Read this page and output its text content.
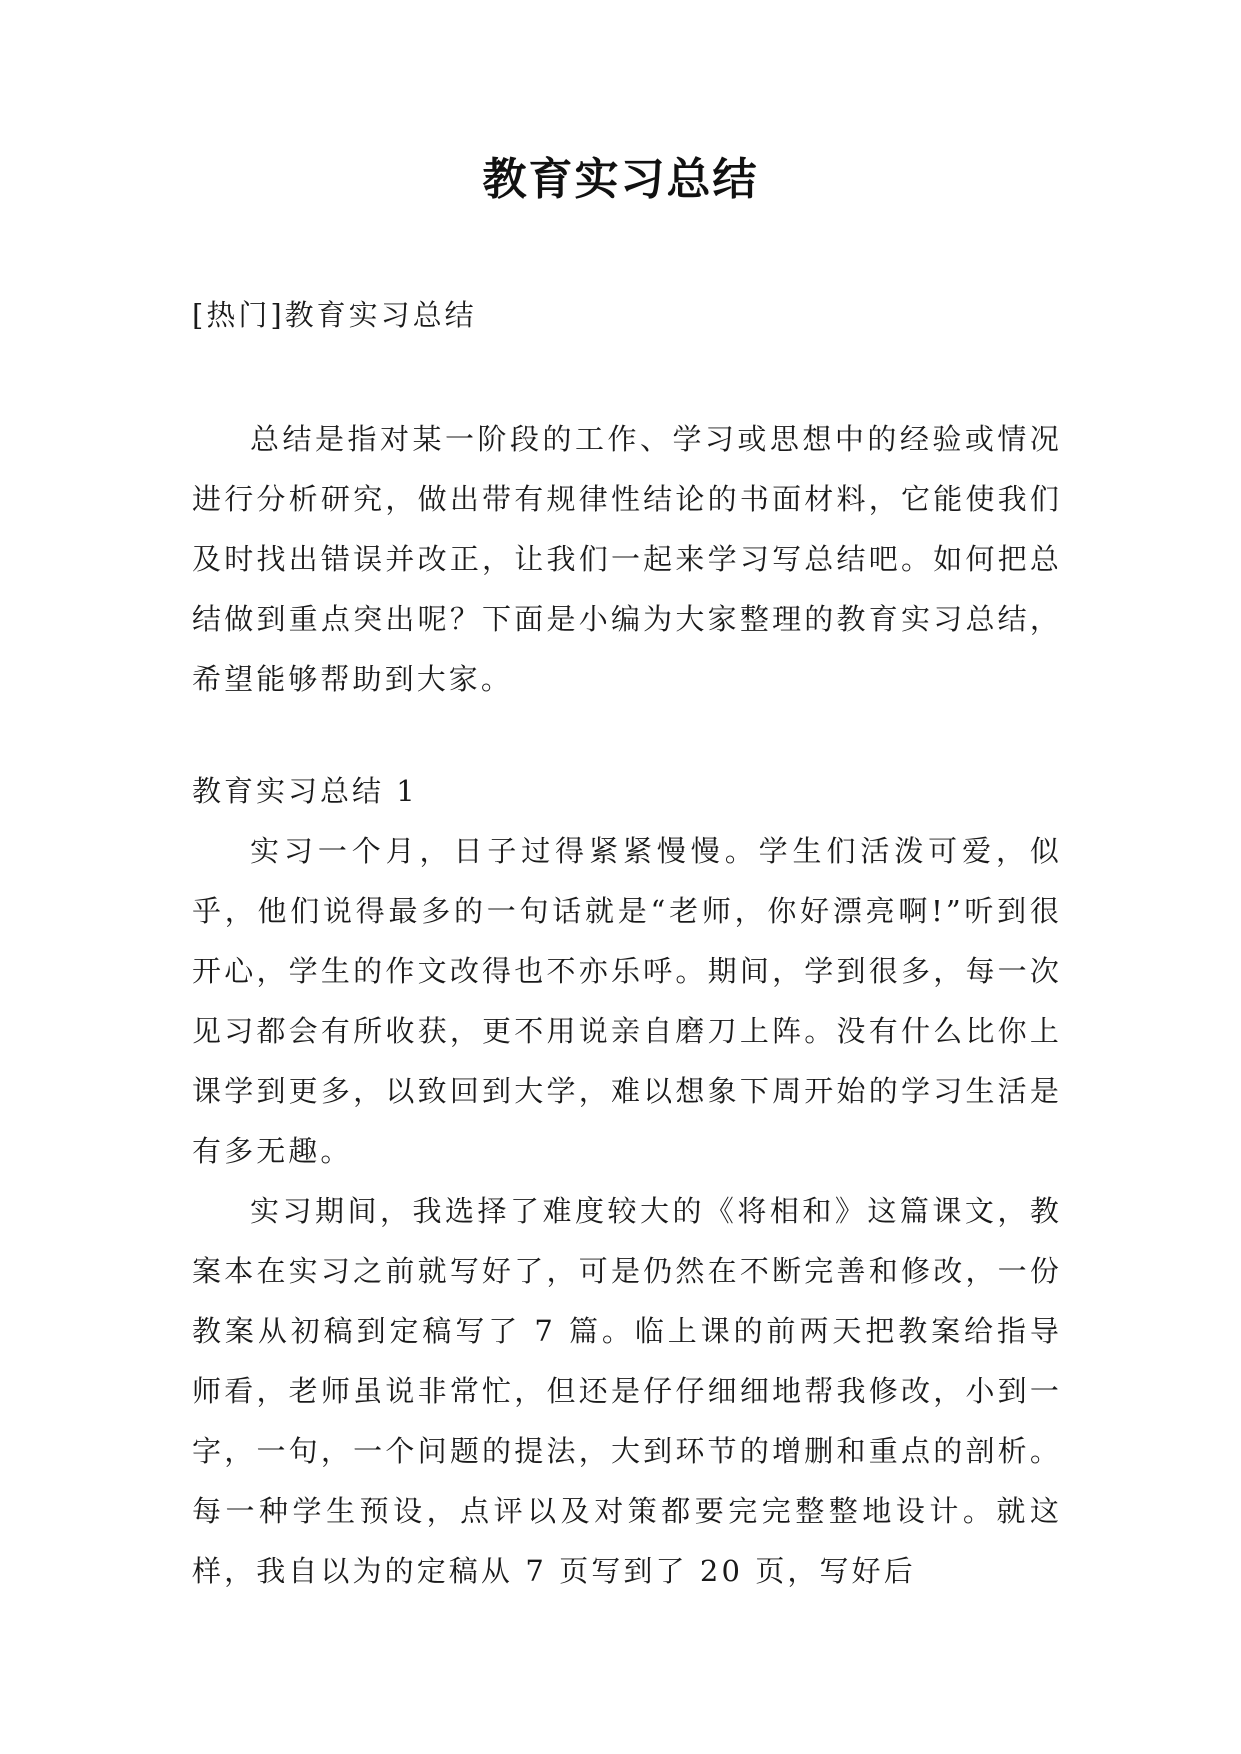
教育实习总结
[热门]教育实习总结

总结是指对某一阶段的工作、学习或思想中的经验或情况进行分析研究，做出带有规律性结论的书面材料，它能使我们及时找出错误并改正，让我们一起来学习写总结吧。如何把总结做到重点突出呢？下面是小编为大家整理的教育实习总结，希望能够帮助到大家。

教育实习总结 1

实习一个月，日子过得紧紧慢慢。学生们活泼可爱，似乎，他们说得最多的一句话就是“老师，你好漂亮啊!”听到很开心，学生的作文改得也不亦乐呼。期间，学到很多，每一次见习都会有所收获，更不用说亲自磨刀上阵。没有什么比你上课学到更多，以致回到大学，难以想象下周开始的学习生活是有多无趣。

实习期间，我选择了难度较大的《将相和》这篇课文，教案本在实习之前就写好了，可是仍然在不断完善和修改，一份教案从初稿到定稿写了 7 篇。临上课的前两天把教案给指导师看，老师虽说非常忙，但还是仔仔细细地帮我修改，小到一字，一句，一个问题的提法，大到环节的增删和重点的剖析。每一种学生预设，点评以及对策都要完完整整地设计。就这样，我自以为的定稿从 7 页写到了 20 页，写好后
